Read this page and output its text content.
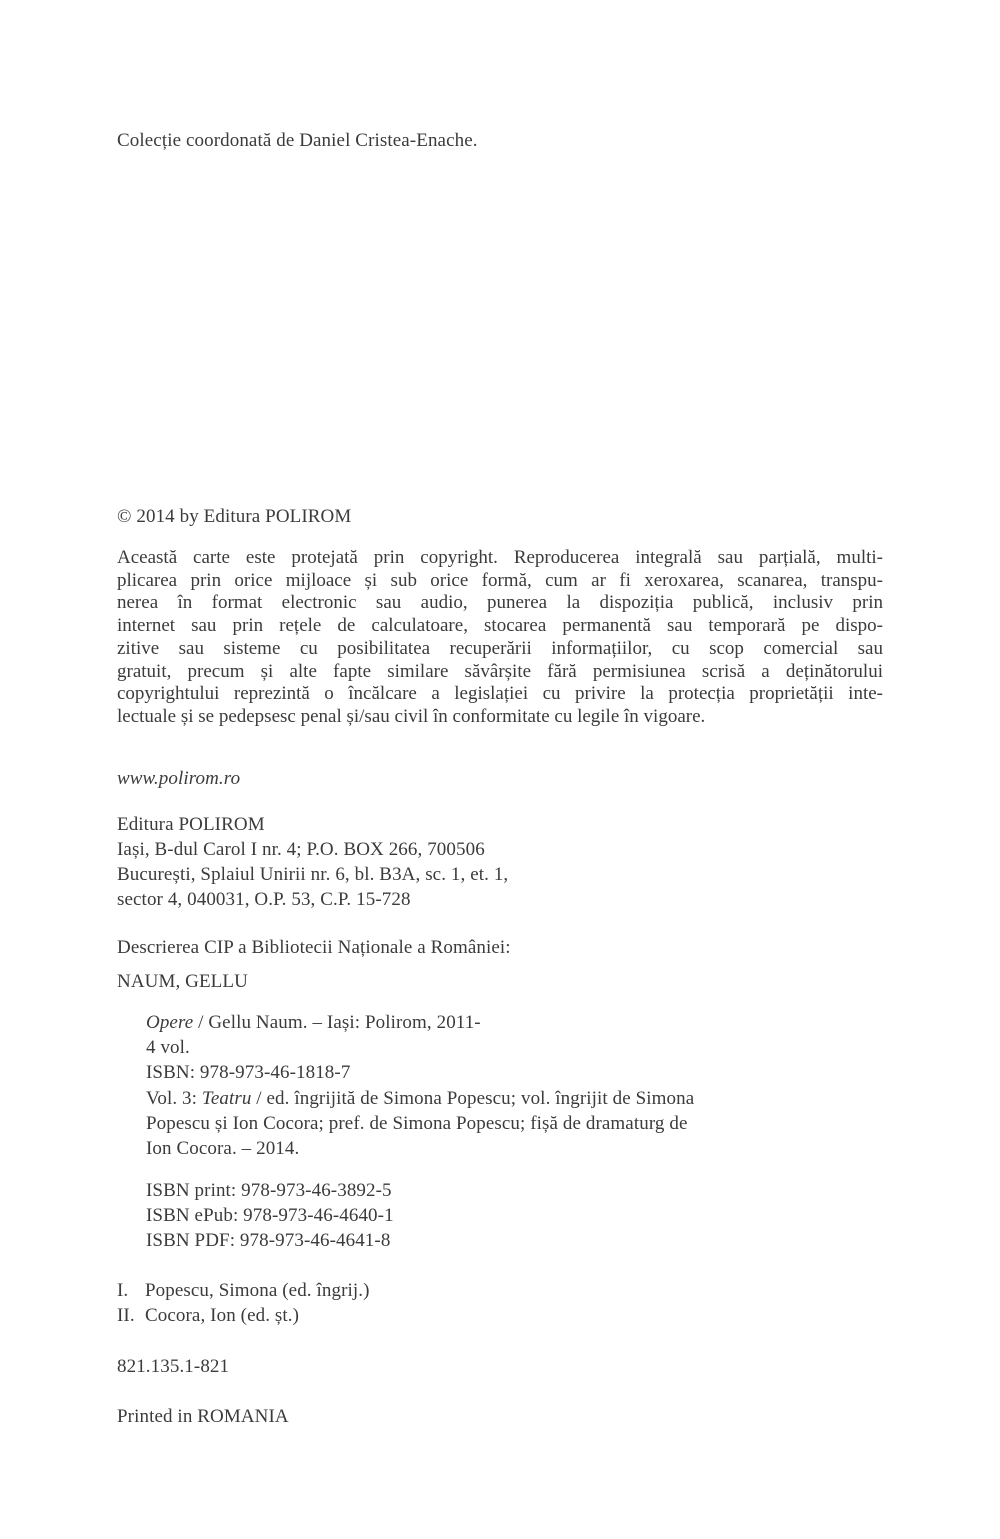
Colecție coordonată de Daniel Cristea-Enache.
© 2014 by Editura POLIROM
Această carte este protejată prin copyright. Reproducerea integrală sau parțială, multi-
plicarea prin orice mijloace și sub orice formă, cum ar fi xeroxarea, scanarea, transpu-
nerea în format electronic sau audio, punerea la dispoziția publică, inclusiv prin
internet sau prin rețele de calculatoare, stocarea permanentă sau temporară pe dispo-
zitive sau sisteme cu posibilitatea recuperării informațiilor, cu scop comercial sau
gratuit, precum și alte fapte similare săvârșite fără permisiunea scrisă a deținătorului
copyrightului reprezintă o încălcare a legislației cu privire la protecția proprietății inte-
lectuale și se pedepsesc penal și/sau civil în conformitate cu legile în vigoare.
www.polirom.ro
Editura POLIROM
Iași, B-dul Carol I nr. 4; P.O. BOX 266, 700506
București, Splaiul Unirii nr. 6, bl. B3A, sc. 1, et. 1,
sector 4, 040031, O.P. 53, C.P. 15-728
Descrierea CIP a Bibliotecii Naționale a României:
NAUM, GELLU
Opere / Gellu Naum. – Iași: Polirom, 2011-
4 vol.
ISBN: 978-973-46-1818-7
Vol. 3: Teatru / ed. îngrijită de Simona Popescu; vol. îngrijit de Simona
Popescu și Ion Cocora; pref. de Simona Popescu; fișă de dramaturg de
Ion Cocora. – 2014.
ISBN print: 978-973-46-3892-5
ISBN ePub: 978-973-46-4640-1
ISBN PDF: 978-973-46-4641-8
I. Popescu, Simona (ed. îngrij.)
II. Cocora, Ion (ed. șt.)
821.135.1-821
Printed in ROMANIA
